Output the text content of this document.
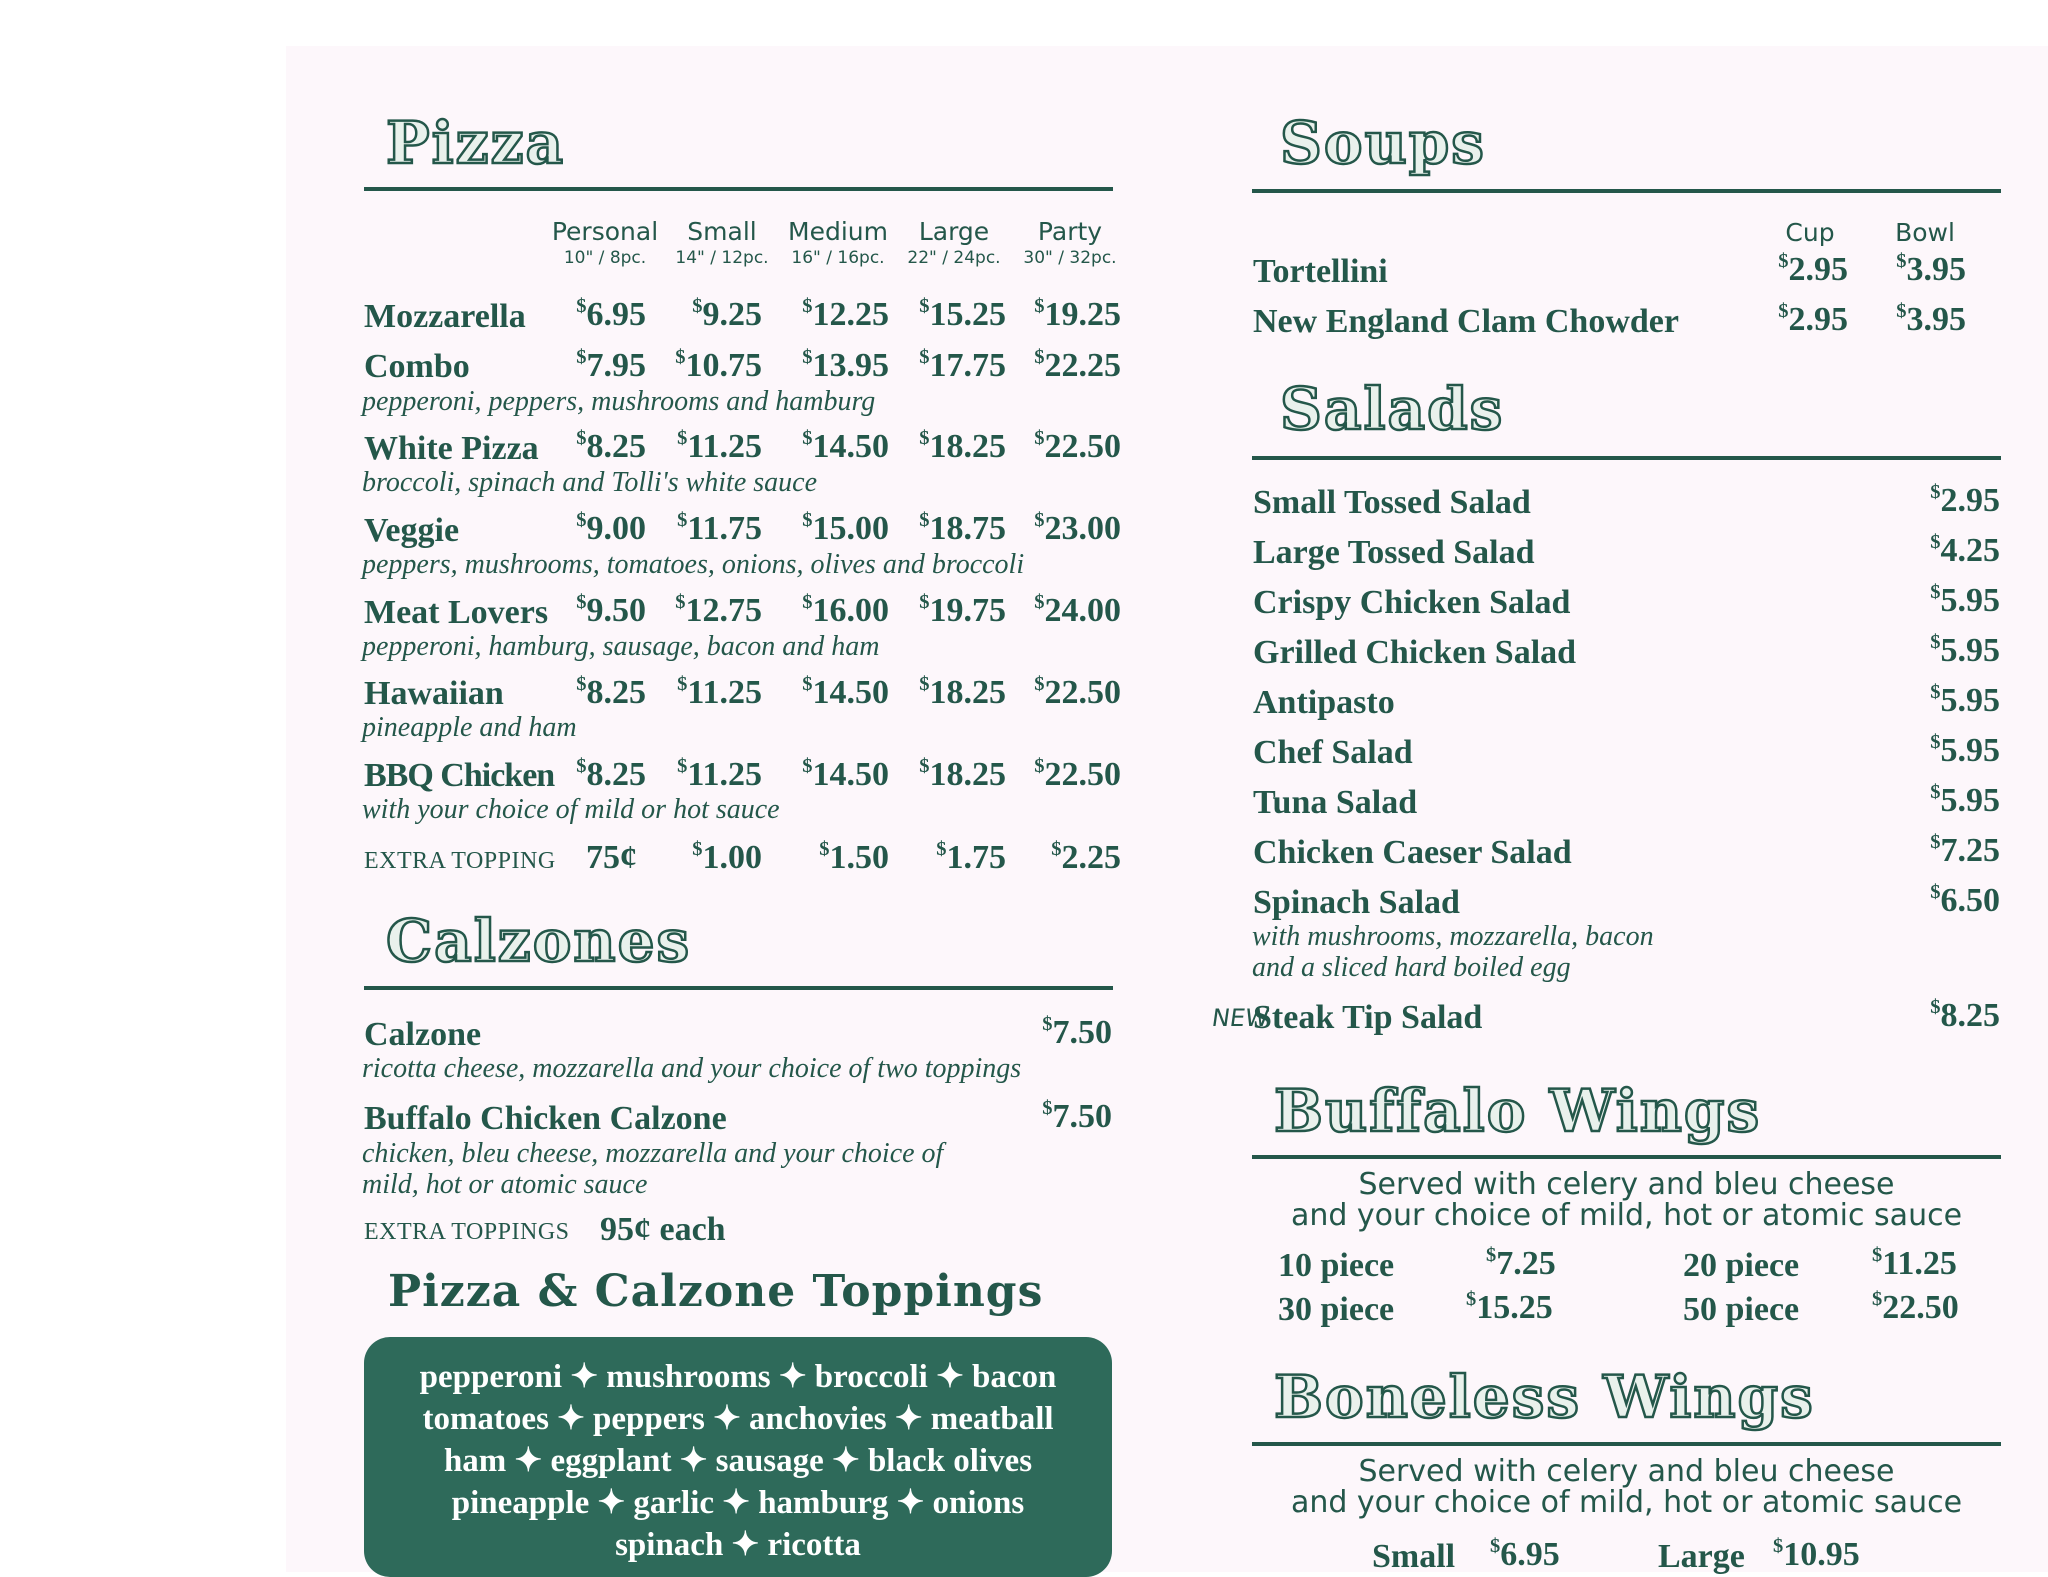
Pizza
Personal	Small	Medium	Large	Party
10" / 8pc.	14" / 12pc.	16" / 16pc.	22" / 24pc.	30" / 32pc.
Mozzarella	$6.95	$9.25	$12.25	$15.25	$19.25
Combo	$7.95	$10.75	$13.95	$17.75	$22.25
pepperoni, peppers, mushrooms and hamburg
White Pizza	$8.25	$11.25	$14.50	$18.25	$22.50
broccoli, spinach and Tolli's white sauce
Veggie	$9.00	$11.75	$15.00	$18.75	$23.00
peppers, mushrooms, tomatoes, onions, olives and broccoli
Meat Lovers	$9.50	$12.75	$16.00	$19.75	$24.00
pepperoni, hamburg, sausage, bacon and ham
Hawaiian	$8.25	$11.25	$14.50	$18.25	$22.50
pineapple and ham
BBQ Chicken	$8.25	$11.25	$14.50	$18.25	$22.50
with your choice of mild or hot sauce
EXTRA TOPPING 75¢	$1.00	$1.50	$1.75	$2.25
Calzones
Calzone	$7.50
ricotta cheese, mozzarella and your choice of two toppings
Buffalo Chicken Calzone	$7.50
chicken, bleu cheese, mozzarella and your choice of
mild, hot or atomic sauce
EXTRA TOPPINGS 95¢ each
Pizza & Calzone Toppings
pepperoni ✦ mushrooms ✦ broccoli ✦ bacon
tomatoes ✦ peppers ✦ anchovies ✦ meatball
ham ✦ eggplant ✦ sausage ✦ black olives
pineapple ✦ garlic ✦ hamburg ✦ onions
spinach ✦ ricotta
Soups
Cup	Bowl
Tortellini	$2.95	$3.95
New England Clam Chowder	$2.95	$3.95
Salads
Small Tossed Salad	$2.95
Large Tossed Salad	$4.25
Crispy Chicken Salad	$5.95
Grilled Chicken Salad	$5.95
Antipasto	$5.95
Chef Salad	$5.95
Tuna Salad	$5.95
Chicken Caeser Salad	$7.25
Spinach Salad	$6.50
with mushrooms, mozzarella, bacon
and a sliced hard boiled egg
NEW
Steak Tip Salad	$8.25
Buffalo Wings
Served with celery and bleu cheese
and your choice of mild, hot or atomic sauce
10 piece	$7.25	20 piece	$11.25
30 piece	$15.25	50 piece	$22.50
Boneless Wings
Served with celery and bleu cheese
and your choice of mild, hot or atomic sauce
Small $6.95	Large $10.95
